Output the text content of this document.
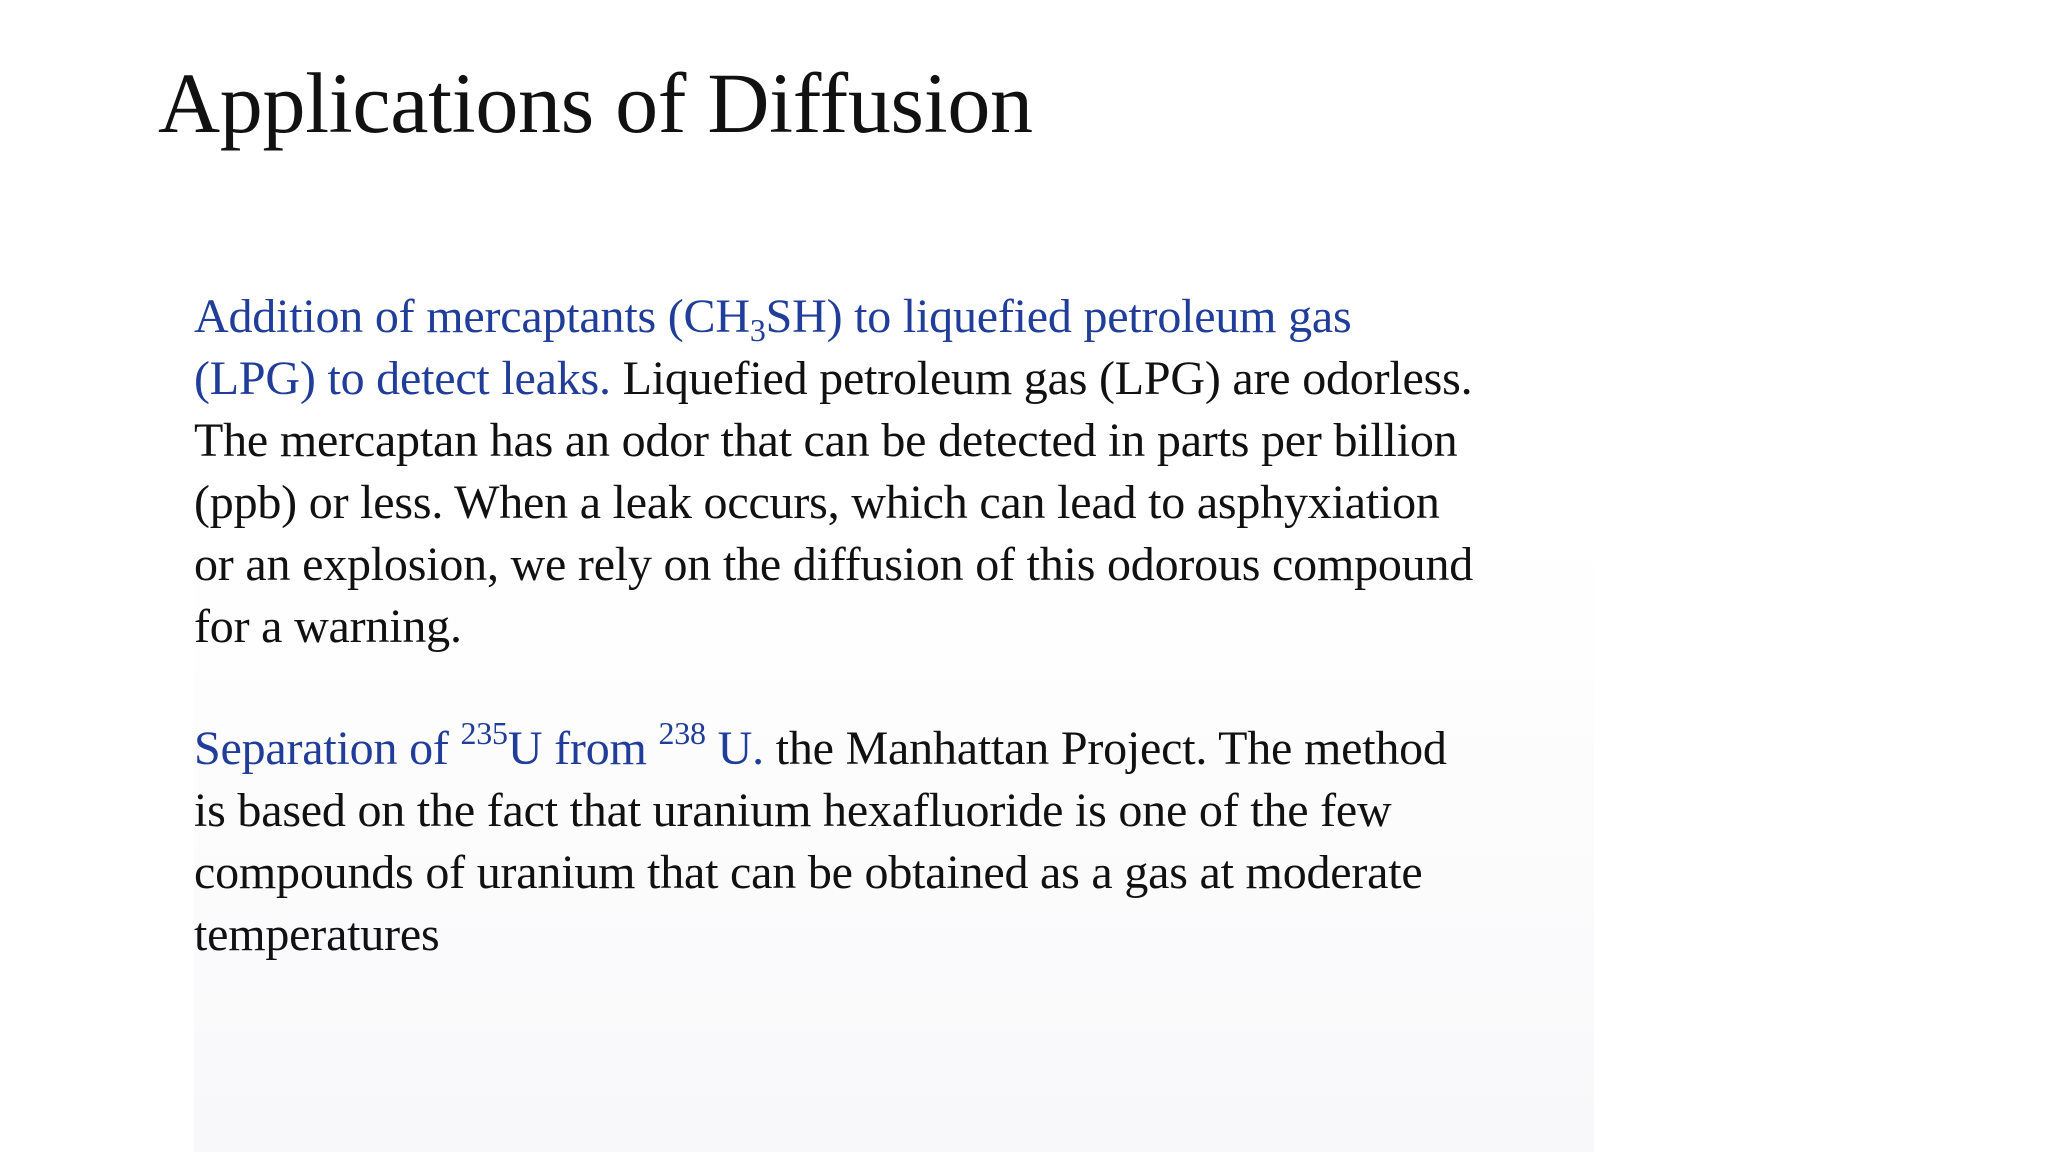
Applications of Diffusion

Addition of mercaptants $(CH_3SH)$ to liquefied petroleum gas
(LPG) to detect leaks. Liquefied petroleum gas (LPG) are odorless.
The mercaptan has an odor that can be detected in parts per billion
(ppb) or less. When a leak occurs, which can lead to asphyxiation
or an explosion, we rely on the diffusion of this odorous compound
for a warning.

Separation of $^{235}$U from $^{238}$ U. the Manhattan Project. The method
is based on the fact that uranium hexafluoride is one of the few
compounds of uranium that can be obtained as a gas at moderate
temperatures
